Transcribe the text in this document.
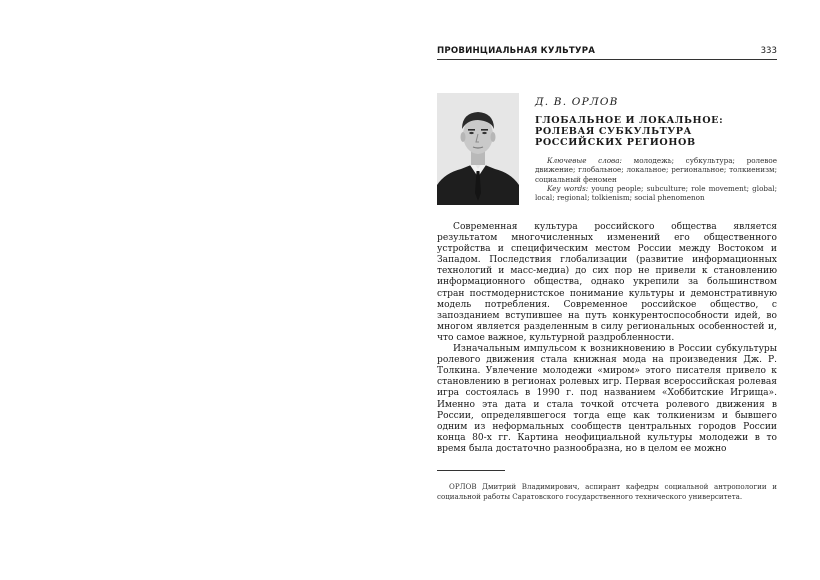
ПРОВИНЦИАЛЬНАЯ КУЛЬТУРА	333
Д. В. ОРЛОВ
ГЛОБАЛЬНОЕ И ЛОКАЛЬНОЕ:
РОЛЕВАЯ СУБКУЛЬТУРА
РОССИЙСКИХ РЕГИОНОВ

Ключевые слова: молодежь; субкультура; ролевое движение; глобальное; локальное; региональное; толкиенизм; социальный феномен

Key words: young people; subculture; role movement; global; local; regional; tolkienism; social phenomenon

Современная культура российского общества является результатом многочисленных изменений его общественного устройства и специфическим местом России между Востоком и Западом. Последствия глобализации (развитие информационных технологий и масс-медиа) до сих пор не привели к становлению информационного общества, однако укрепили за большинством стран постмодернистское понимание культуры и демонстративную модель потребления. Современное российское общество, с запозданием вступившее на путь конкурентоспособности идей, во многом является разделенным в силу региональных особенностей и, что самое важное, культурной раздробленности.

Изначальным импульсом к возникновению в России субкультуры ролевого движения стала книжная мода на произведения Дж. Р. Толкина. Увлечение молодежи «миром» этого писателя привело к становлению в регионах ролевых игр. Первая всероссийская ролевая игра состоялась в 1990 г. под названием «Хоббитские Игрища». Именно эта дата и стала точкой отсчета ролевого движения в России, определявшегося тогда еще как толкиенизм и бывшего одним из неформальных сообществ центральных городов России конца 80-х гг. Картина неофициальной культуры молодежи в то время была достаточно разнообразна, но в целом ее можно

ОРЛОВ Дмитрий Владимирович, аспирант кафедры социальной антропологии и социальной работы Саратовского государственного технического университета.
